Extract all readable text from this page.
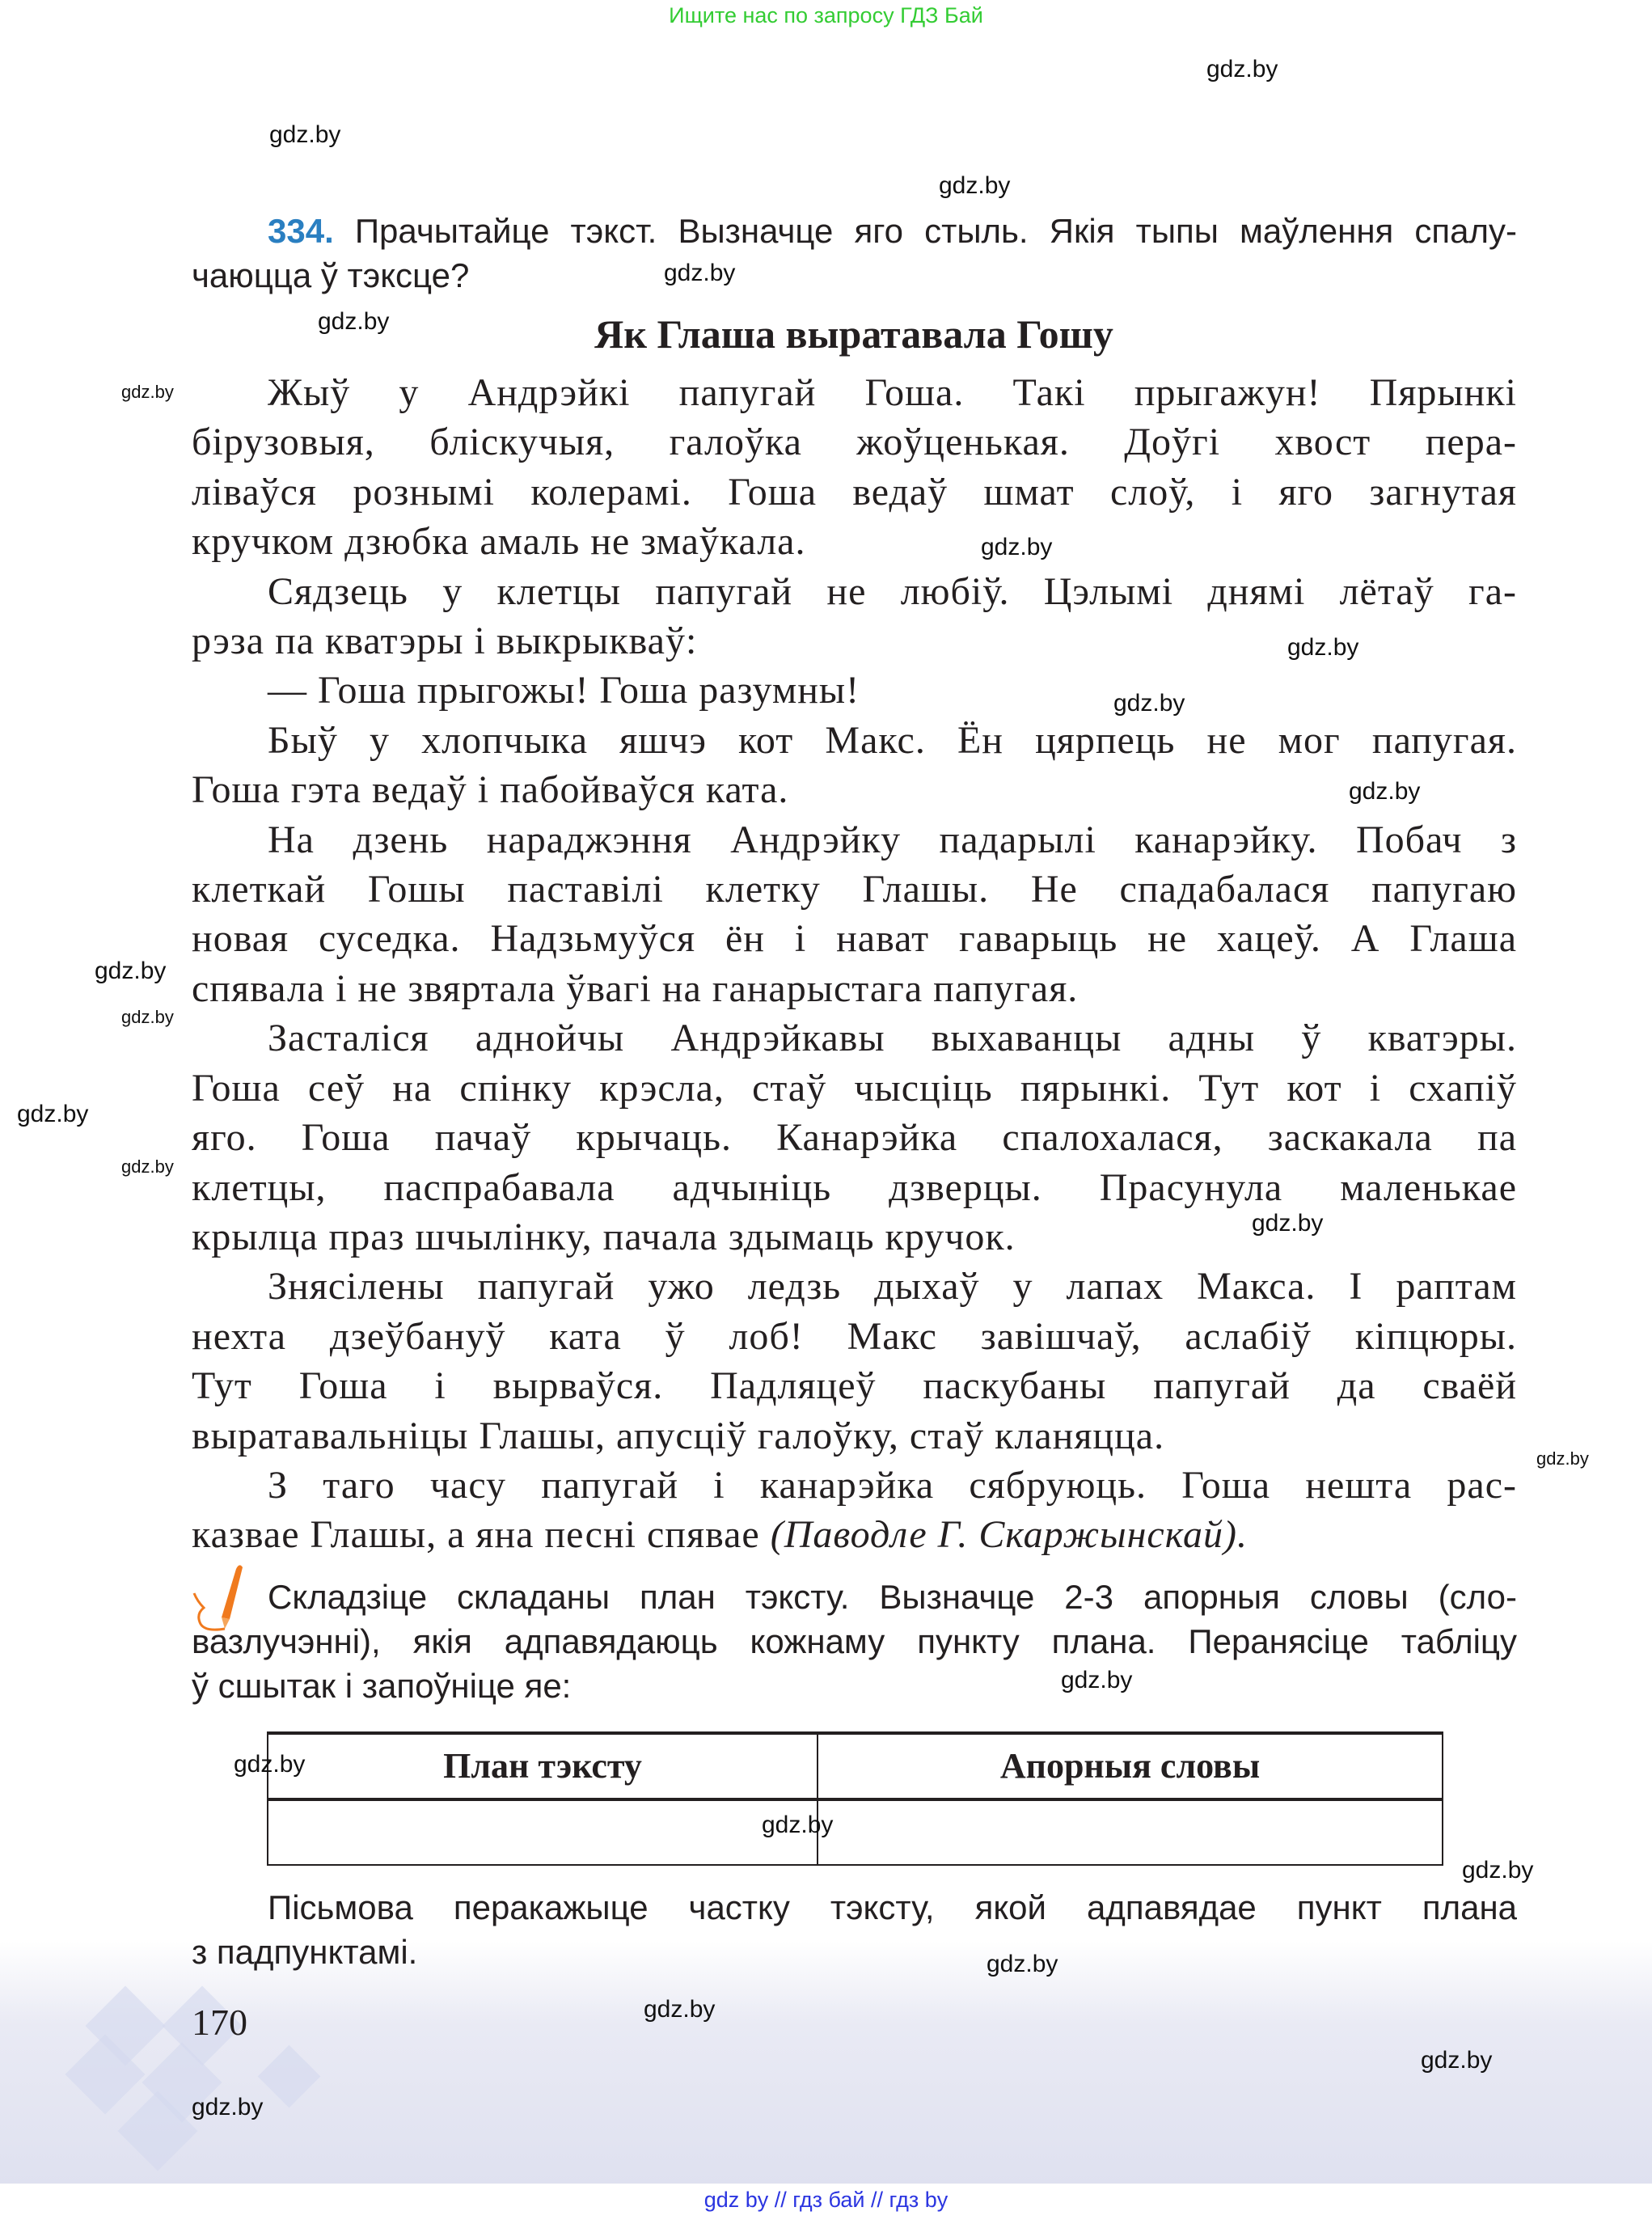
Ищите нас по запросу ГДЗ Бай
334. Прачытайце тэкст. Вызначце яго стыль. Якія тыпы маўлення спалу-
чаюцца ў тэксце?
Як Глаша выратавала Гошу
Жыў у Андрэйкі папугай Гоша. Такі прыгажун! Пярынкі
бірузовыя, бліскучыя, галоўка жоўценькая. Доўгі хвост пера-
ліваўся рознымі колерамі. Гоша ведаў шмат слоў, і яго загнутая
кручком дзюбка амаль не змаўкала.
Сядзець у клетцы папугай не любіў. Цэлымі днямі лётаў га-
рэза па кватэры і выкрыкваў:
— Гоша прыгожы! Гоша разумны!
Быў у хлопчыка яшчэ кот Макс. Ён цярпець не мог папугая.
Гоша гэта ведаў і пабойваўся ката.
На дзень нараджэння Андрэйку падарылі канарэйку. Побач з
клеткай Гошы паставілі клетку Глашы. Не спадабалася папугаю
новая суседка. Надзьмуўся ён і нават гаварыць не хацеў. А Глаша
спявала і не звяртала ўвагі на ганарыстага папугая.
Засталіся аднойчы Андрэйкавы выхаванцы адны ў кватэры.
Гоша сеў на спінку крэсла, стаў чысціць пярынкі. Тут кот і схапіў
яго. Гоша пачаў крычаць. Канарэйка спалохалася, заскакала па
клетцы, паспрабавала адчыніць дзверцы. Прасунула маленькае
крылца праз шчылінку, пачала здымаць кручок.
Знясілены папугай ужо ледзь дыхаў у лапах Макса. І раптам
нехта дзеўбануў ката ў лоб! Макс завішчаў, аслабіў кіпцюры.
Тут Гоша і вырваўся. Падляцеў паскубаны папугай да сваёй
выратавальніцы Глашы, апусціў галоўку, стаў кланяцца.
З таго часу папугай і канарэйка сябруюць. Гоша нешта рас-
казвае Глашы, а яна песні спявае (Паводле Г. Скаржынскай).
Складзіце складаны план тэксту. Вызначце 2-3 апорныя словы (сло-
вазлучэнні), якія адпавядаюць кожнаму пункту плана. Перанясіце табліцу
ў сшытак і запоўніце яе:
План тэксту	Апорныя словы
Пісьмова перакажыце частку тэксту, якой адпавядае пункт плана
з падпунктамі.
170
gdz by // гдз бай // гдз by
gdz.by
gdz.by
gdz.by
gdz.by
gdz.by
gdz.by
gdz.by
gdz.by
gdz.by
gdz.by
gdz.by
gdz.by
gdz.by
gdz.by
gdz.by
gdz.by
gdz.by
gdz.by
gdz.by
gdz.by
gdz.by
gdz.by
gdz.by
gdz.by
